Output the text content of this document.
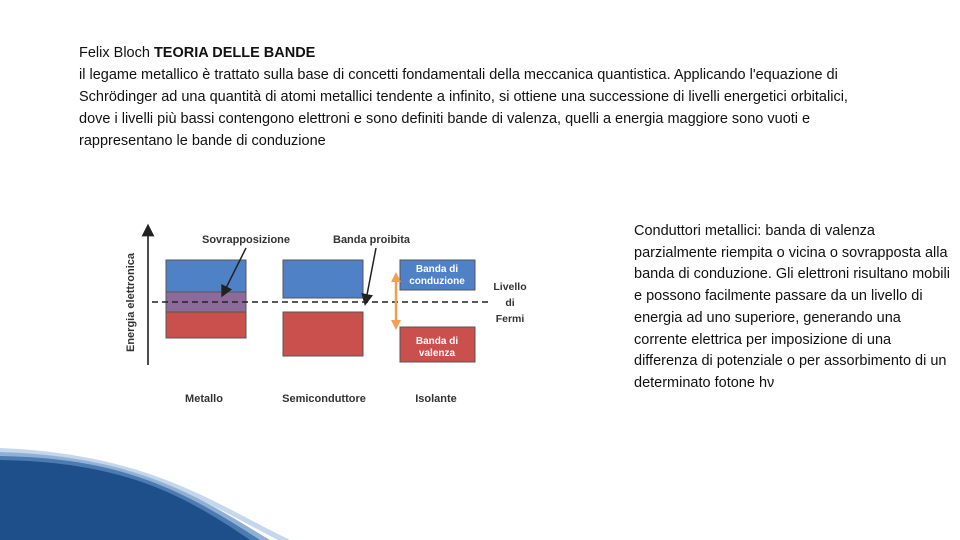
Felix Bloch TEORIA DELLE BANDE
il legame metallico è trattato sulla base di concetti fondamentali della meccanica quantistica. Applicando l'equazione di Schrödinger ad una quantità di atomi metallici tendente a infinito, si ottiene una successione di livelli energetici orbitalici, dove i livelli più bassi contengono elettroni e sono definiti bande di valenza, quelli a energia maggiore sono vuoti e rappresentano le bande di conduzione
Energia elettronica
Sovrapposizione	Banda proibita
Banda di
conduzione
Banda di
valenza
Livello
di
Fermi
Metallo	Semiconduttore	Isolante
Conduttori metallici: banda di valenza parzialmente riempita o vicina o sovrapposta alla banda di conduzione. Gli elettroni risultano mobili e possono facilmente passare da un livello di energia ad uno superiore, generando una corrente elettrica per imposizione di una differenza di potenziale o per assorbimento di un determinato fotone hν
